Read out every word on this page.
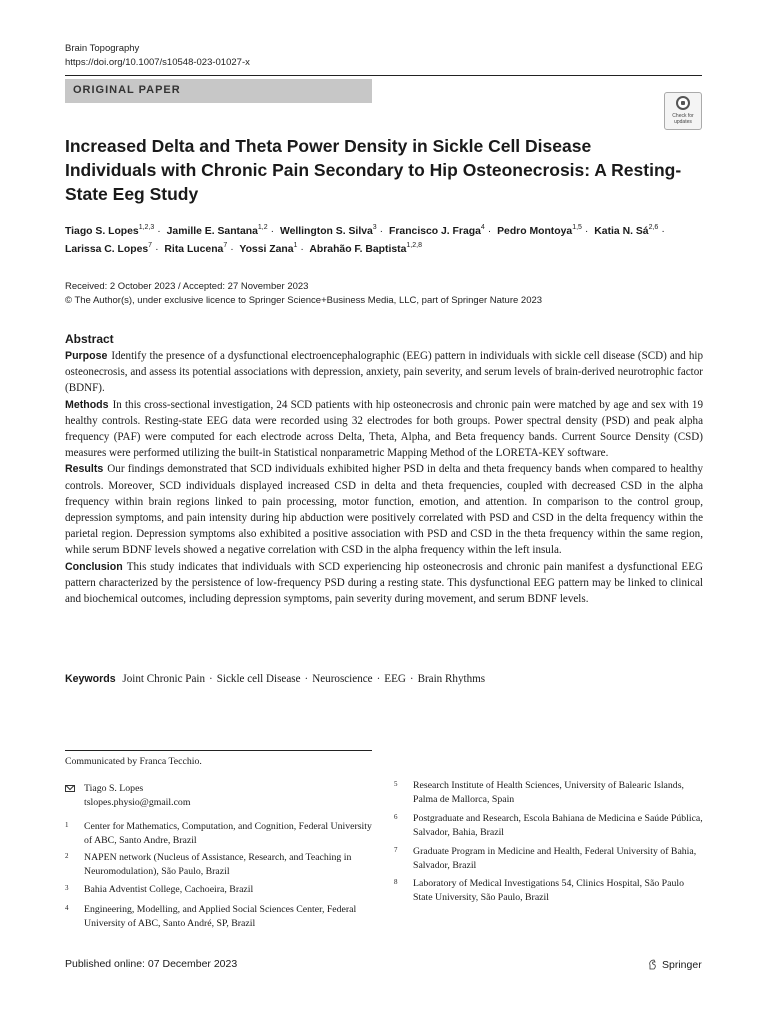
Brain Topography
https://doi.org/10.1007/s10548-023-01027-x
ORIGINAL PAPER
Check for
updates
Increased Delta and Theta Power Density in Sickle Cell Disease Individuals with Chronic Pain Secondary to Hip Osteonecrosis: A Resting-State Eeg Study
Tiago S. Lopes$^{1,2,3}$ · Jamille E. Santana$^{1,2}$ · Wellington S. Silva$^3$ · Francisco J. Fraga$^4$ · Pedro Montoya$^{1,5}$ · Katia N. Sá$^{2,6}$ ·
Larissa C. Lopes$^7$ · Rita Lucena$^7$ · Yossi Zana$^1$ · Abrahão F. Baptista$^{1,2,8}$
Received: 2 October 2023 / Accepted: 27 November 2023
© The Author(s), under exclusive licence to Springer Science+Business Media, LLC, part of Springer Nature 2023
Abstract

Purpose Identify the presence of a dysfunctional electroencephalographic (EEG) pattern in individuals with sickle cell disease (SCD) and hip osteonecrosis, and assess its potential associations with depression, anxiety, pain severity, and serum levels of brain-derived neurotrophic factor (BDNF).

Methods In this cross-sectional investigation, 24 SCD patients with hip osteonecrosis and chronic pain were matched by age and sex with 19 healthy controls. Resting-state EEG data were recorded using 32 electrodes for both groups. Power spectral density (PSD) and peak alpha frequency (PAF) were computed for each electrode across Delta, Theta, Alpha, and Beta frequency bands. Current Source Density (CSD) measures were performed utilizing the built-in Statistical nonparametric Mapping Method of the LORETA-KEY software.

Results Our findings demonstrated that SCD individuals exhibited higher PSD in delta and theta frequency bands when compared to healthy controls. Moreover, SCD individuals displayed increased CSD in delta and theta frequencies, coupled with decreased CSD in the alpha frequency within brain regions linked to pain processing, motor function, emotion, and attention. In comparison to the control group, depression symptoms, and pain intensity during hip abduction were positively correlated with PSD and CSD in the delta frequency within the parietal region. Depression symptoms also exhibited a positive association with PSD and CSD in the theta frequency within the same region, while serum BDNF levels showed a negative correlation with CSD in the alpha frequency within the left insula.

Conclusion This study indicates that individuals with SCD experiencing hip osteonecrosis and chronic pain manifest a dysfunctional EEG pattern characterized by the persistence of low-frequency PSD during a resting state. This dysfunctional EEG pattern may be linked to clinical and biochemical outcomes, including depression symptoms, pain severity during movement, and serum BDNF levels.

Keywords Joint Chronic Pain · Sickle cell Disease · Neuroscience · EEG · Brain Rhythms
Communicated by Franca Tecchio.
Tiago S. Lopes
tslopes.physio@gmail.com
1 Center for Mathematics, Computation, and Cognition, Federal University of ABC, Santo Andre, Brazil
2 NAPEN network (Nucleus of Assistance, Research, and Teaching in Neuromodulation), São Paulo, Brazil
3 Bahia Adventist College, Cachoeira, Brazil
4 Engineering, Modelling, and Applied Social Sciences Center, Federal University of ABC, Santo André, SP, Brazil
5 Research Institute of Health Sciences, University of Balearic Islands, Palma de Mallorca, Spain
6 Postgraduate and Research, Escola Bahiana de Medicina e Saúde Pública, Salvador, Bahia, Brazil
7 Graduate Program in Medicine and Health, Federal University of Bahia, Salvador, Brazil
8 Laboratory of Medical Investigations 54, Clinics Hospital, São Paulo State University, São Paulo, Brazil
Published online: 07 December 2023	Springer
